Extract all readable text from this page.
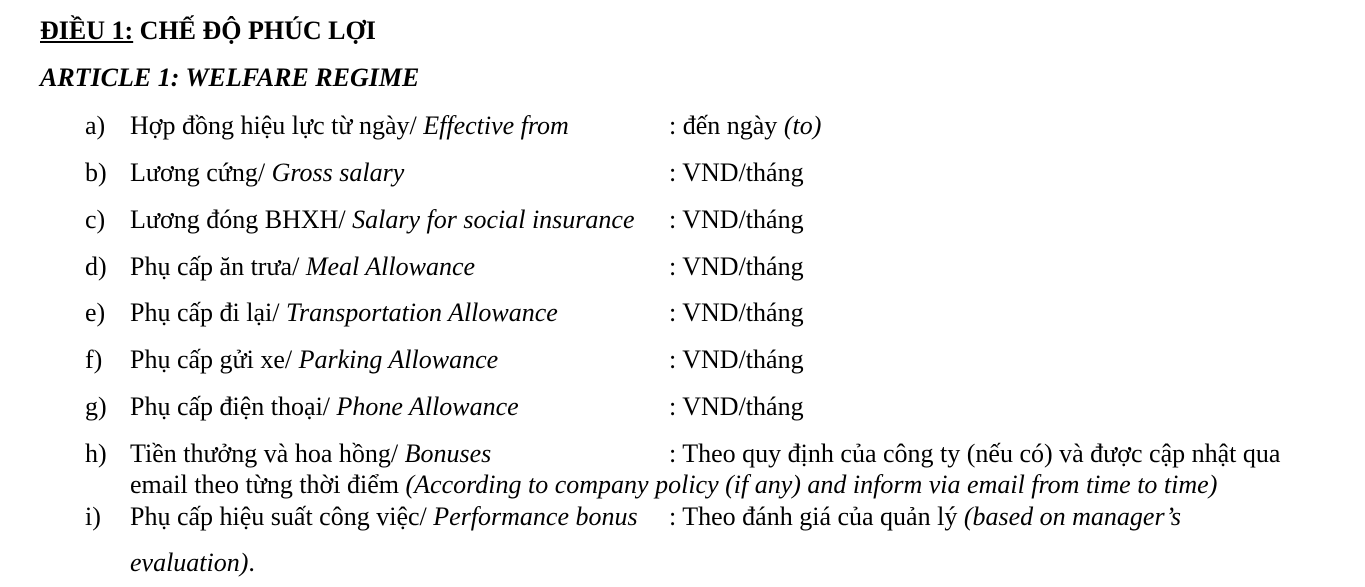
ĐIỀU 1: CHẾ ĐỘ PHÚC LỢI
ARTICLE 1: WELFARE REGIME
a) Hợp đồng hiệu lực từ ngày/ Effective from	: đến ngày (to)
b) Lương cứng/ Gross salary	: VND/tháng
c) Lương đóng BHXH/ Salary for social insurance : VND/tháng
d) Phụ cấp ăn trưa/ Meal Allowance	: VND/tháng
e) Phụ cấp đi lại/ Transportation Allowance	: VND/tháng
f) Phụ cấp gửi xe/ Parking Allowance	: VND/tháng
g) Phụ cấp điện thoại/ Phone Allowance	: VND/tháng
h) Tiền thưởng và hoa hồng/ Bonuses	: Theo quy định của công ty (nếu có) và được cập nhật qua
email theo từng thời điểm (According to company policy (if any) and inform via email from time to time)
i) Phụ cấp hiệu suất công việc/ Performance bonus : Theo đánh giá của quản lý (based on manager’s
evaluation).
